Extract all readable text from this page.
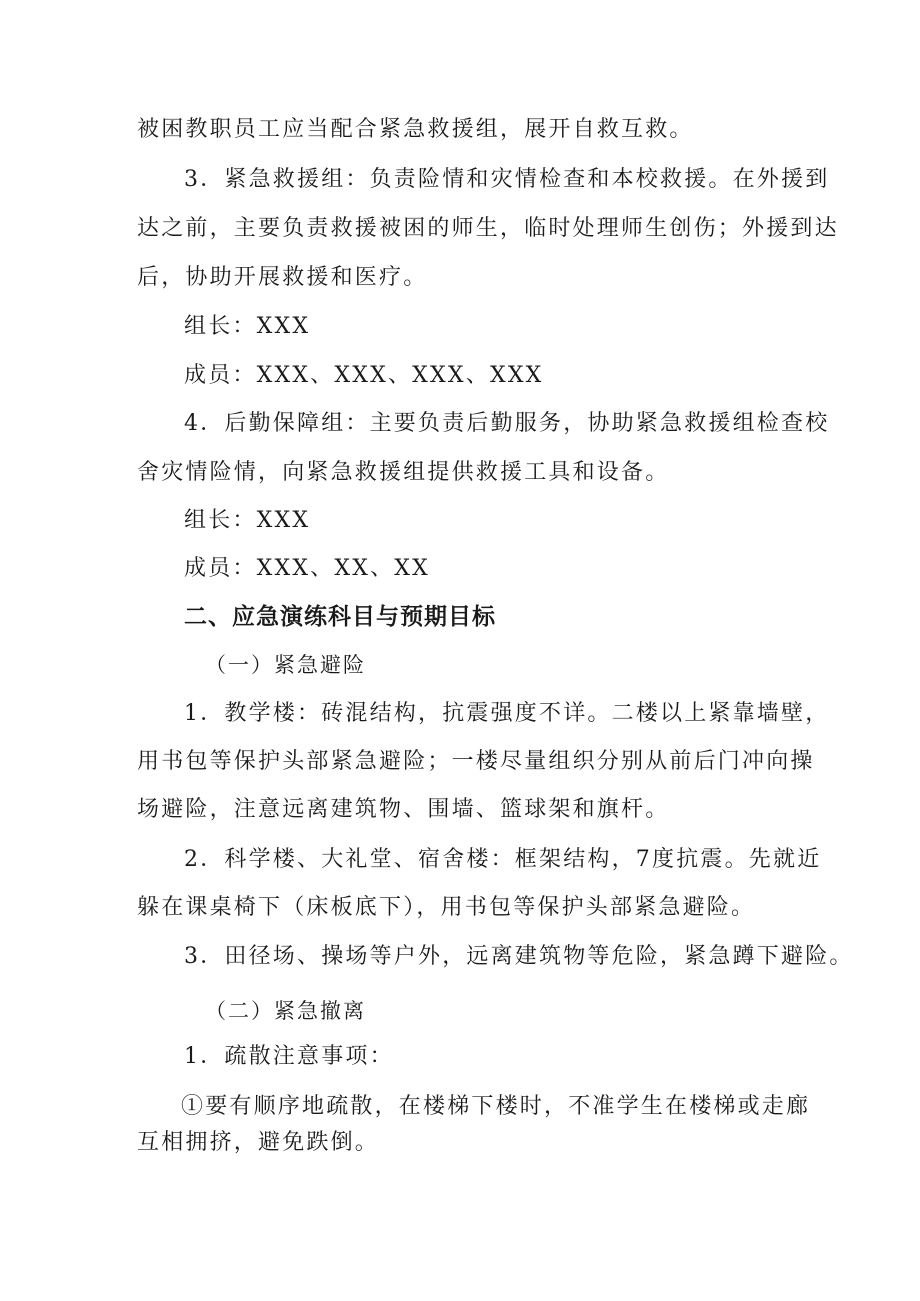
被困教职员工应当配合紧急救援组，展开自救互救。

3．紧急救援组：负责险情和灾情检查和本校救援。在外援到

达之前，主要负责救援被困的师生，临时处理师生创伤；外援到达

后，协助开展救援和医疗。

组长：XXX

成员：XXX、XXX、XXX、XXX

4．后勤保障组：主要负责后勤服务，协助紧急救援组检查校

舍灾情险情，向紧急救援组提供救援工具和设备。

组长：XXX

成员：XXX、XX、XX

二、应急演练科目与预期目标

（一）紧急避险

1．教学楼：砖混结构，抗震强度不详。二楼以上紧靠墙壁，

用书包等保护头部紧急避险；一楼尽量组织分别从前后门冲向操

场避险，注意远离建筑物、围墙、篮球架和旗杆。

2．科学楼、大礼堂、宿舍楼：框架结构，7度抗震。先就近

躲在课桌椅下（床板底下），用书包等保护头部紧急避险。

3．田径场、操场等户外，远离建筑物等危险，紧急蹲下避险。

（二）紧急撤离

1．疏散注意事项：

①要有顺序地疏散，在楼梯下楼时，不准学生在楼梯或走廊

互相拥挤，避免跌倒。
